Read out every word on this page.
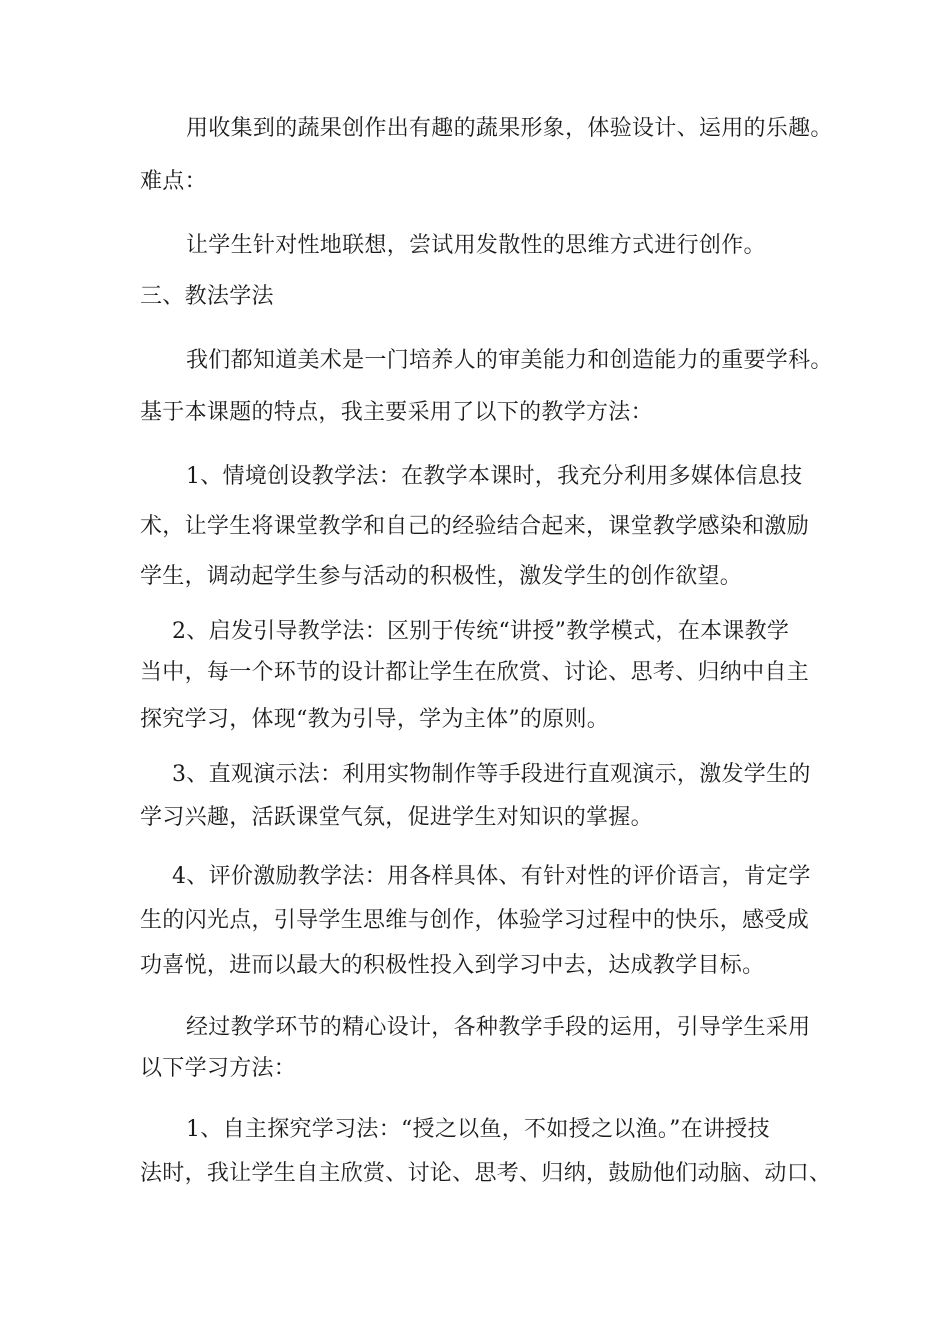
用收集到的蔬果创作出有趣的蔬果形象，体验设计、运用的乐趣。
难点：
让学生针对性地联想，尝试用发散性的思维方式进行创作。
三、教法学法
我们都知道美术是一门培养人的审美能力和创造能力的重要学科。
基于本课题的特点，我主要采用了以下的教学方法：
1、情境创设教学法：在教学本课时，我充分利用多媒体信息技
术，让学生将课堂教学和自己的经验结合起来，课堂教学感染和激励
学生，调动起学生参与活动的积极性，激发学生的创作欲望。
2、启发引导教学法：区别于传统“讲授”教学模式，在本课教学
当中，每一个环节的设计都让学生在欣赏、讨论、思考、归纳中自主
探究学习，体现“教为引导，学为主体”的原则。
3、直观演示法：利用实物制作等手段进行直观演示，激发学生的
学习兴趣，活跃课堂气氛，促进学生对知识的掌握。
4、评价激励教学法：用各样具体、有针对性的评价语言，肯定学
生的闪光点，引导学生思维与创作，体验学习过程中的快乐，感受成
功喜悦，进而以最大的积极性投入到学习中去，达成教学目标。
经过教学环节的精心设计，各种教学手段的运用，引导学生采用
以下学习方法：
1、自主探究学习法：“授之以鱼，不如授之以渔。”在讲授技
法时，我让学生自主欣赏、讨论、思考、归纳，鼓励他们动脑、动口、
